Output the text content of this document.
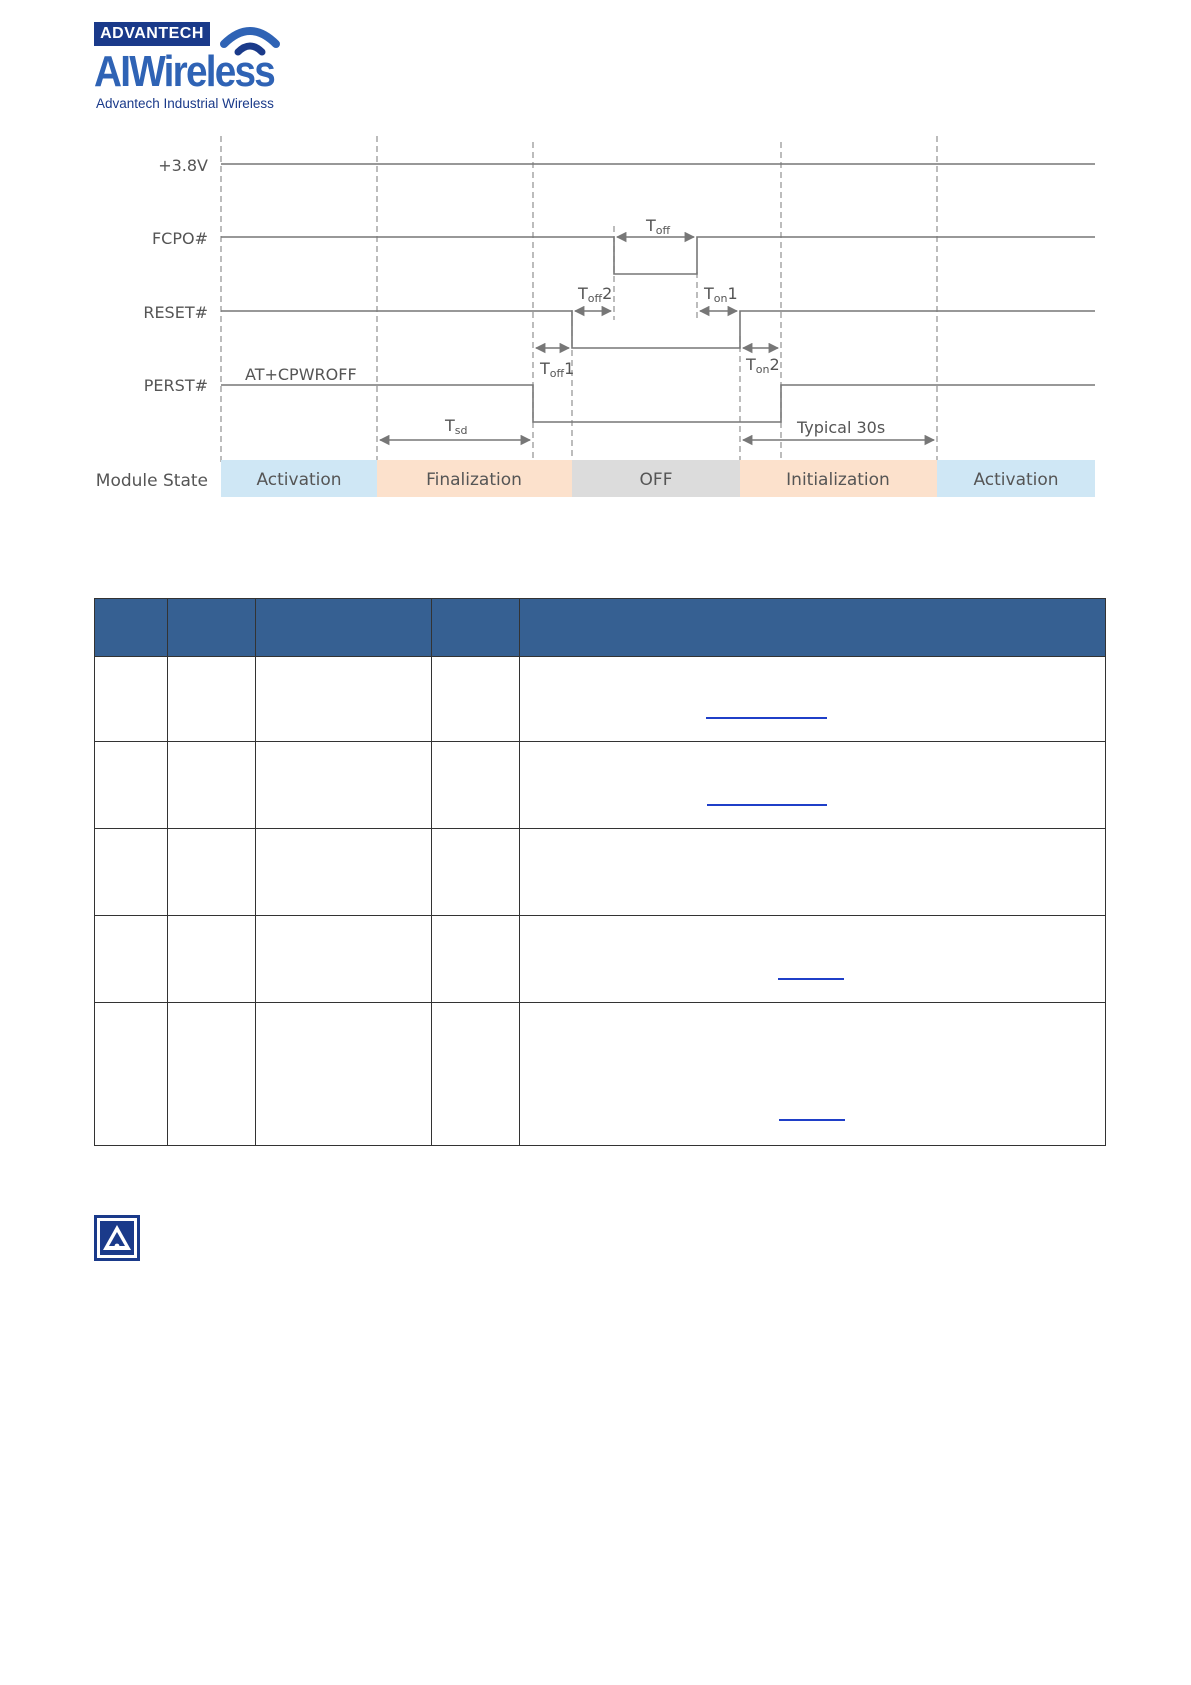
ADVANTECH
AIWireless
Advantech Industrial Wireless
+3.8V
FCPO#
RESET#
PERST#
AT+CPWROFF
Toff
Toff2	Ton1
Toff1	Ton2
Tsd	Typical 30s
Module State	Activation	Finalization	OFF	Initialization	Activation
